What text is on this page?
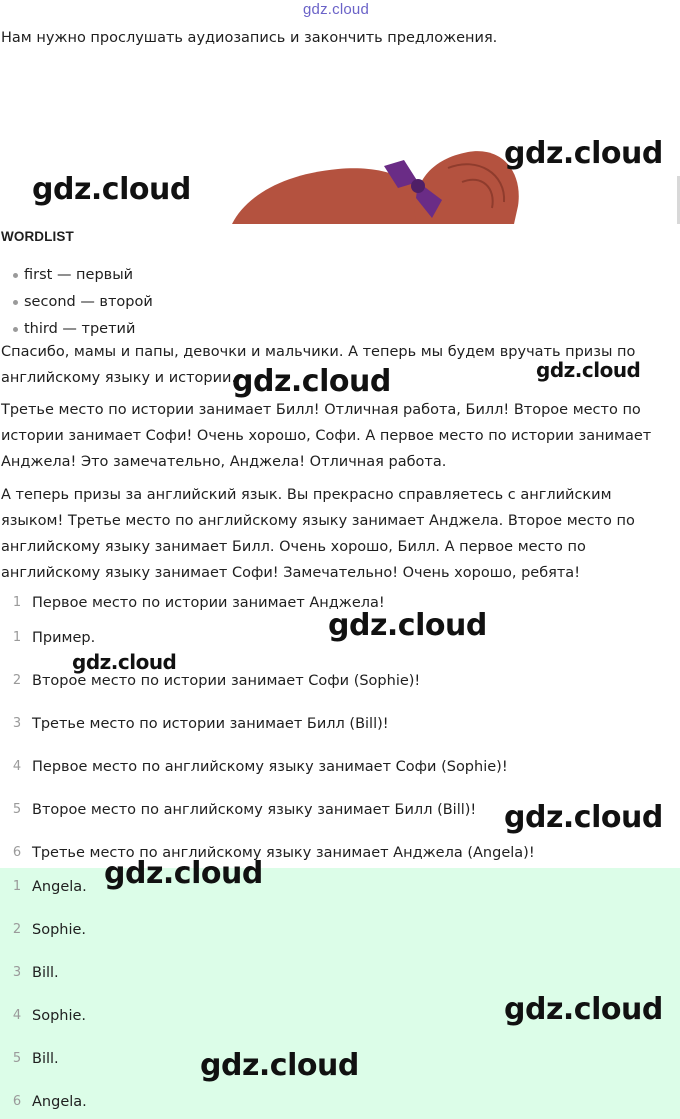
gdz.cloud
Нам нужно прослушать аудиозапись и закончить предложения.
WORDLIST
first — первый
second — второй
third — третий

Спасибо, мамы и папы, девочки и мальчики. А теперь мы будем вручать призы по английскому языку и истории.

Третье место по истории занимает Билл! Отличная работа, Билл! Второе место по истории занимает Софи! Очень хорошо, Софи. А первое место по истории занимает Анджела! Это замечательно, Анджела! Отличная работа.

А теперь призы за английский язык. Вы прекрасно справляетесь с английским языком! Третье место по английскому языку занимает Анджела. Второе место по английскому языку занимает Билл. Очень хорошо, Билл. А первое место по английскому языку занимает Софи! Замечательно! Очень хорошо, ребята!

1 Первое место по истории занимает Анджела!
1 Пример.
2 Второе место по истории занимает Софи (Sophie)!
3 Третье место по истории занимает Билл (Bill)!
4 Первое место по английскому языку занимает Софи (Sophie)!
5 Второе место по английскому языку занимает Билл (Bill)!
6 Третье место по английскому языку занимает Анджела (Angela)!
1 Angela.
2 Sophie.
3 Bill.
4 Sophie.
5 Bill.
6 Angela.
gdz.cloud
gdz.cloud
gdz.cloud	gdz.cloud
gdz.cloud
gdz.cloud
gdz.cloud
gdz.cloud
gdz.cloud
gdz.cloud
